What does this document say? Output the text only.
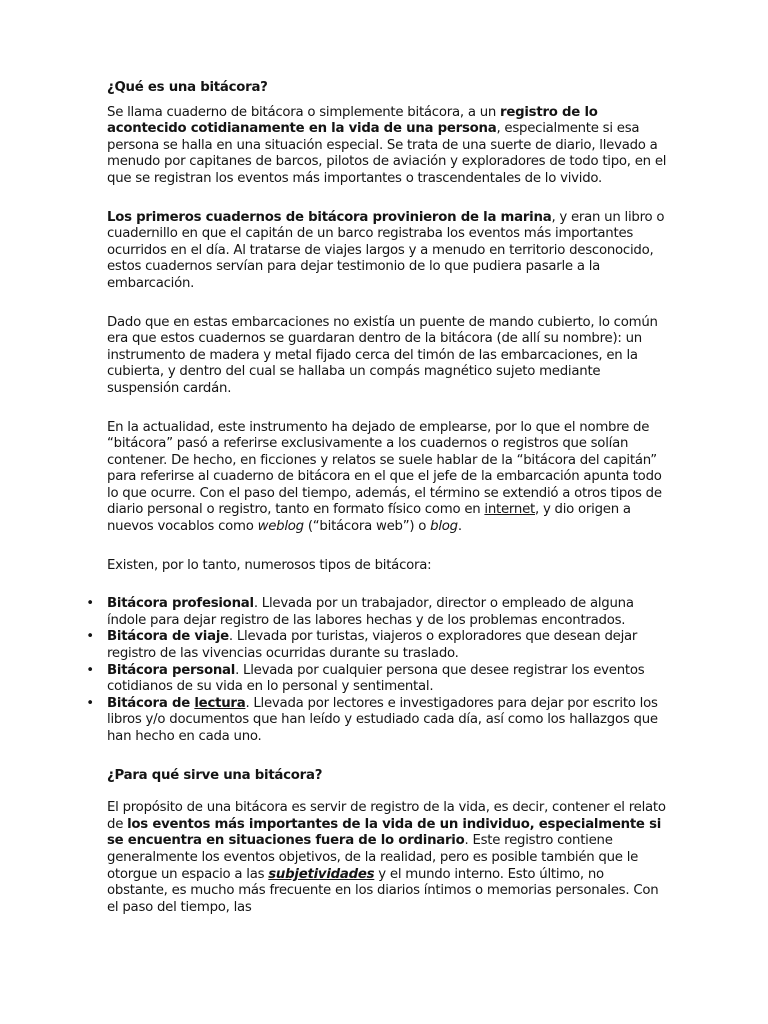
¿Qué es una bitácora?

Se llama cuaderno de bitácora o simplemente bitácora, a un registro de lo acontecido cotidianamente en la vida de una persona, especialmente si esa persona se halla en una situación especial. Se trata de una suerte de diario, llevado a menudo por capitanes de barcos, pilotos de aviación y exploradores de todo tipo, en el que se registran los eventos más importantes o trascendentales de lo vivido.

Los primeros cuadernos de bitácora provinieron de la marina, y eran un libro o cuadernillo en que el capitán de un barco registraba los eventos más importantes ocurridos en el día. Al tratarse de viajes largos y a menudo en territorio desconocido, estos cuadernos servían para dejar testimonio de lo que pudiera pasarle a la embarcación.

Dado que en estas embarcaciones no existía un puente de mando cubierto, lo común era que estos cuadernos se guardaran dentro de la bitácora (de allí su nombre): un instrumento de madera y metal fijado cerca del timón de las embarcaciones, en la cubierta, y dentro del cual se hallaba un compás magnético sujeto mediante suspensión cardán.

En la actualidad, este instrumento ha dejado de emplearse, por lo que el nombre de “bitácora” pasó a referirse exclusivamente a los cuadernos o registros que solían contener. De hecho, en ficciones y relatos se suele hablar de la “bitácora del capitán” para referirse al cuaderno de bitácora en el que el jefe de la embarcación apunta todo lo que ocurre. Con el paso del tiempo, además, el término se extendió a otros tipos de diario personal o registro, tanto en formato físico como en internet, y dio origen a nuevos vocablos como weblog (“bitácora web”) o blog.

Existen, por lo tanto, numerosos tipos de bitácora:

• Bitácora profesional. Llevada por un trabajador, director o empleado de alguna índole para dejar registro de las labores hechas y de los problemas encontrados.
• Bitácora de viaje. Llevada por turistas, viajeros o exploradores que desean dejar registro de las vivencias ocurridas durante su traslado.
• Bitácora personal. Llevada por cualquier persona que desee registrar los eventos cotidianos de su vida en lo personal y sentimental.
• Bitácora de lectura. Llevada por lectores e investigadores para dejar por escrito los libros y/o documentos que han leído y estudiado cada día, así como los hallazgos que han hecho en cada uno.

¿Para qué sirve una bitácora?

El propósito de una bitácora es servir de registro de la vida, es decir, contener el relato de los eventos más importantes de la vida de un individuo, especialmente si se encuentra en situaciones fuera de lo ordinario. Este registro contiene generalmente los eventos objetivos, de la realidad, pero es posible también que le otorgue un espacio a las subjetividades y el mundo interno. Esto último, no obstante, es mucho más frecuente en los diarios íntimos o memorias personales. Con el paso del tiempo, las
